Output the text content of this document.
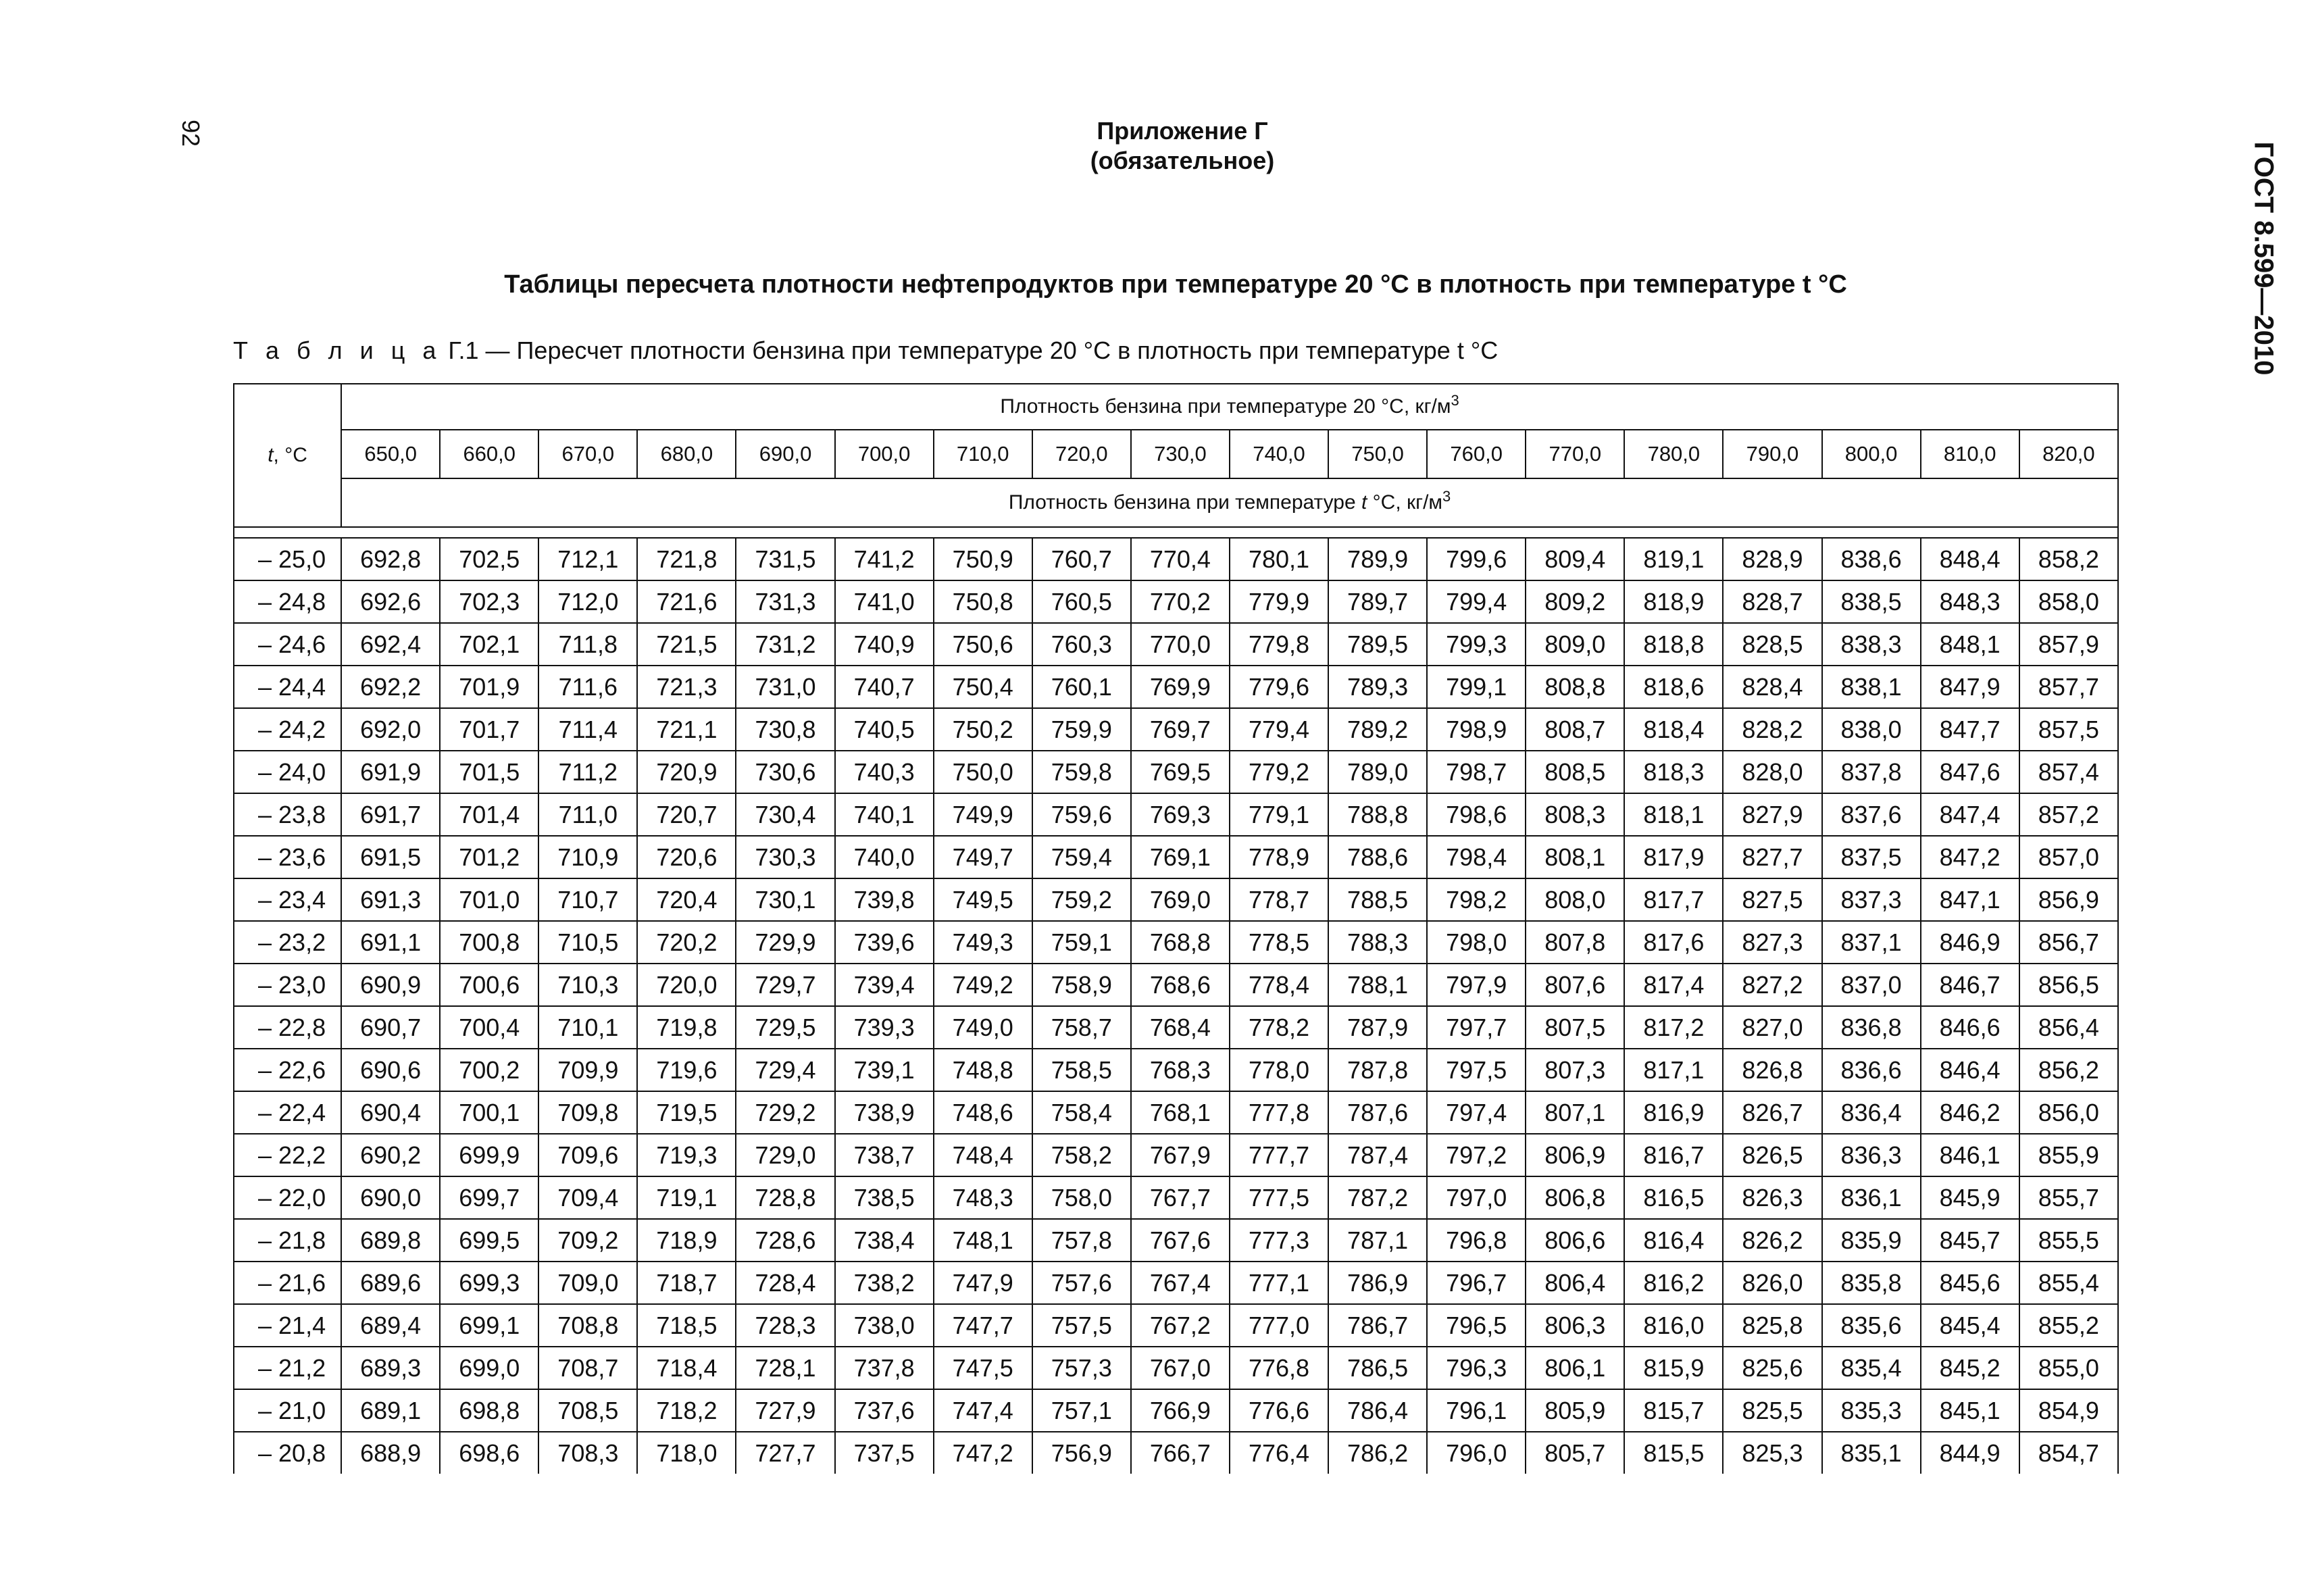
92
ГОСТ 8.599—2010
Приложение Г
(обязательное)
Таблицы пересчета плотности нефтепродуктов при температуре 20 °С в плотность при температуре t °С
Т а б л и ц а Г.1 — Пересчет плотности бензина при температуре 20 °С в плотность при температуре t °С
t, °С	Плотность бензина при температуре 20 °С, $кг/м^3$
	650,0	660,0	670,0	680,0	690,0	700,0	710,0	720,0	730,0	740,0	750,0	760,0	770,0	780,0	790,0	800,0	810,0	820,0
	Плотность бензина при температуре t °С, $кг/м^3$

– 25,0	692,8	702,5	712,1	721,8	731,5	741,2	750,9	760,7	770,4	780,1	789,9	799,6	809,4	819,1	828,9	838,6	848,4	858,2
– 24,8	692,6	702,3	712,0	721,6	731,3	741,0	750,8	760,5	770,2	779,9	789,7	799,4	809,2	818,9	828,7	838,5	848,3	858,0
– 24,6	692,4	702,1	711,8	721,5	731,2	740,9	750,6	760,3	770,0	779,8	789,5	799,3	809,0	818,8	828,5	838,3	848,1	857,9
– 24,4	692,2	701,9	711,6	721,3	731,0	740,7	750,4	760,1	769,9	779,6	789,3	799,1	808,8	818,6	828,4	838,1	847,9	857,7
– 24,2	692,0	701,7	711,4	721,1	730,8	740,5	750,2	759,9	769,7	779,4	789,2	798,9	808,7	818,4	828,2	838,0	847,7	857,5
– 24,0	691,9	701,5	711,2	720,9	730,6	740,3	750,0	759,8	769,5	779,2	789,0	798,7	808,5	818,3	828,0	837,8	847,6	857,4
– 23,8	691,7	701,4	711,0	720,7	730,4	740,1	749,9	759,6	769,3	779,1	788,8	798,6	808,3	818,1	827,9	837,6	847,4	857,2
– 23,6	691,5	701,2	710,9	720,6	730,3	740,0	749,7	759,4	769,1	778,9	788,6	798,4	808,1	817,9	827,7	837,5	847,2	857,0
– 23,4	691,3	701,0	710,7	720,4	730,1	739,8	749,5	759,2	769,0	778,7	788,5	798,2	808,0	817,7	827,5	837,3	847,1	856,9
– 23,2	691,1	700,8	710,5	720,2	729,9	739,6	749,3	759,1	768,8	778,5	788,3	798,0	807,8	817,6	827,3	837,1	846,9	856,7
– 23,0	690,9	700,6	710,3	720,0	729,7	739,4	749,2	758,9	768,6	778,4	788,1	797,9	807,6	817,4	827,2	837,0	846,7	856,5
– 22,8	690,7	700,4	710,1	719,8	729,5	739,3	749,0	758,7	768,4	778,2	787,9	797,7	807,5	817,2	827,0	836,8	846,6	856,4
– 22,6	690,6	700,2	709,9	719,6	729,4	739,1	748,8	758,5	768,3	778,0	787,8	797,5	807,3	817,1	826,8	836,6	846,4	856,2
– 22,4	690,4	700,1	709,8	719,5	729,2	738,9	748,6	758,4	768,1	777,8	787,6	797,4	807,1	816,9	826,7	836,4	846,2	856,0
– 22,2	690,2	699,9	709,6	719,3	729,0	738,7	748,4	758,2	767,9	777,7	787,4	797,2	806,9	816,7	826,5	836,3	846,1	855,9
– 22,0	690,0	699,7	709,4	719,1	728,8	738,5	748,3	758,0	767,7	777,5	787,2	797,0	806,8	816,5	826,3	836,1	845,9	855,7
– 21,8	689,8	699,5	709,2	718,9	728,6	738,4	748,1	757,8	767,6	777,3	787,1	796,8	806,6	816,4	826,2	835,9	845,7	855,5
– 21,6	689,6	699,3	709,0	718,7	728,4	738,2	747,9	757,6	767,4	777,1	786,9	796,7	806,4	816,2	826,0	835,8	845,6	855,4
– 21,4	689,4	699,1	708,8	718,5	728,3	738,0	747,7	757,5	767,2	777,0	786,7	796,5	806,3	816,0	825,8	835,6	845,4	855,2
– 21,2	689,3	699,0	708,7	718,4	728,1	737,8	747,5	757,3	767,0	776,8	786,5	796,3	806,1	815,9	825,6	835,4	845,2	855,0
– 21,0	689,1	698,8	708,5	718,2	727,9	737,6	747,4	757,1	766,9	776,6	786,4	796,1	805,9	815,7	825,5	835,3	845,1	854,9
– 20,8	688,9	698,6	708,3	718,0	727,7	737,5	747,2	756,9	766,7	776,4	786,2	796,0	805,7	815,5	825,3	835,1	844,9	854,7
